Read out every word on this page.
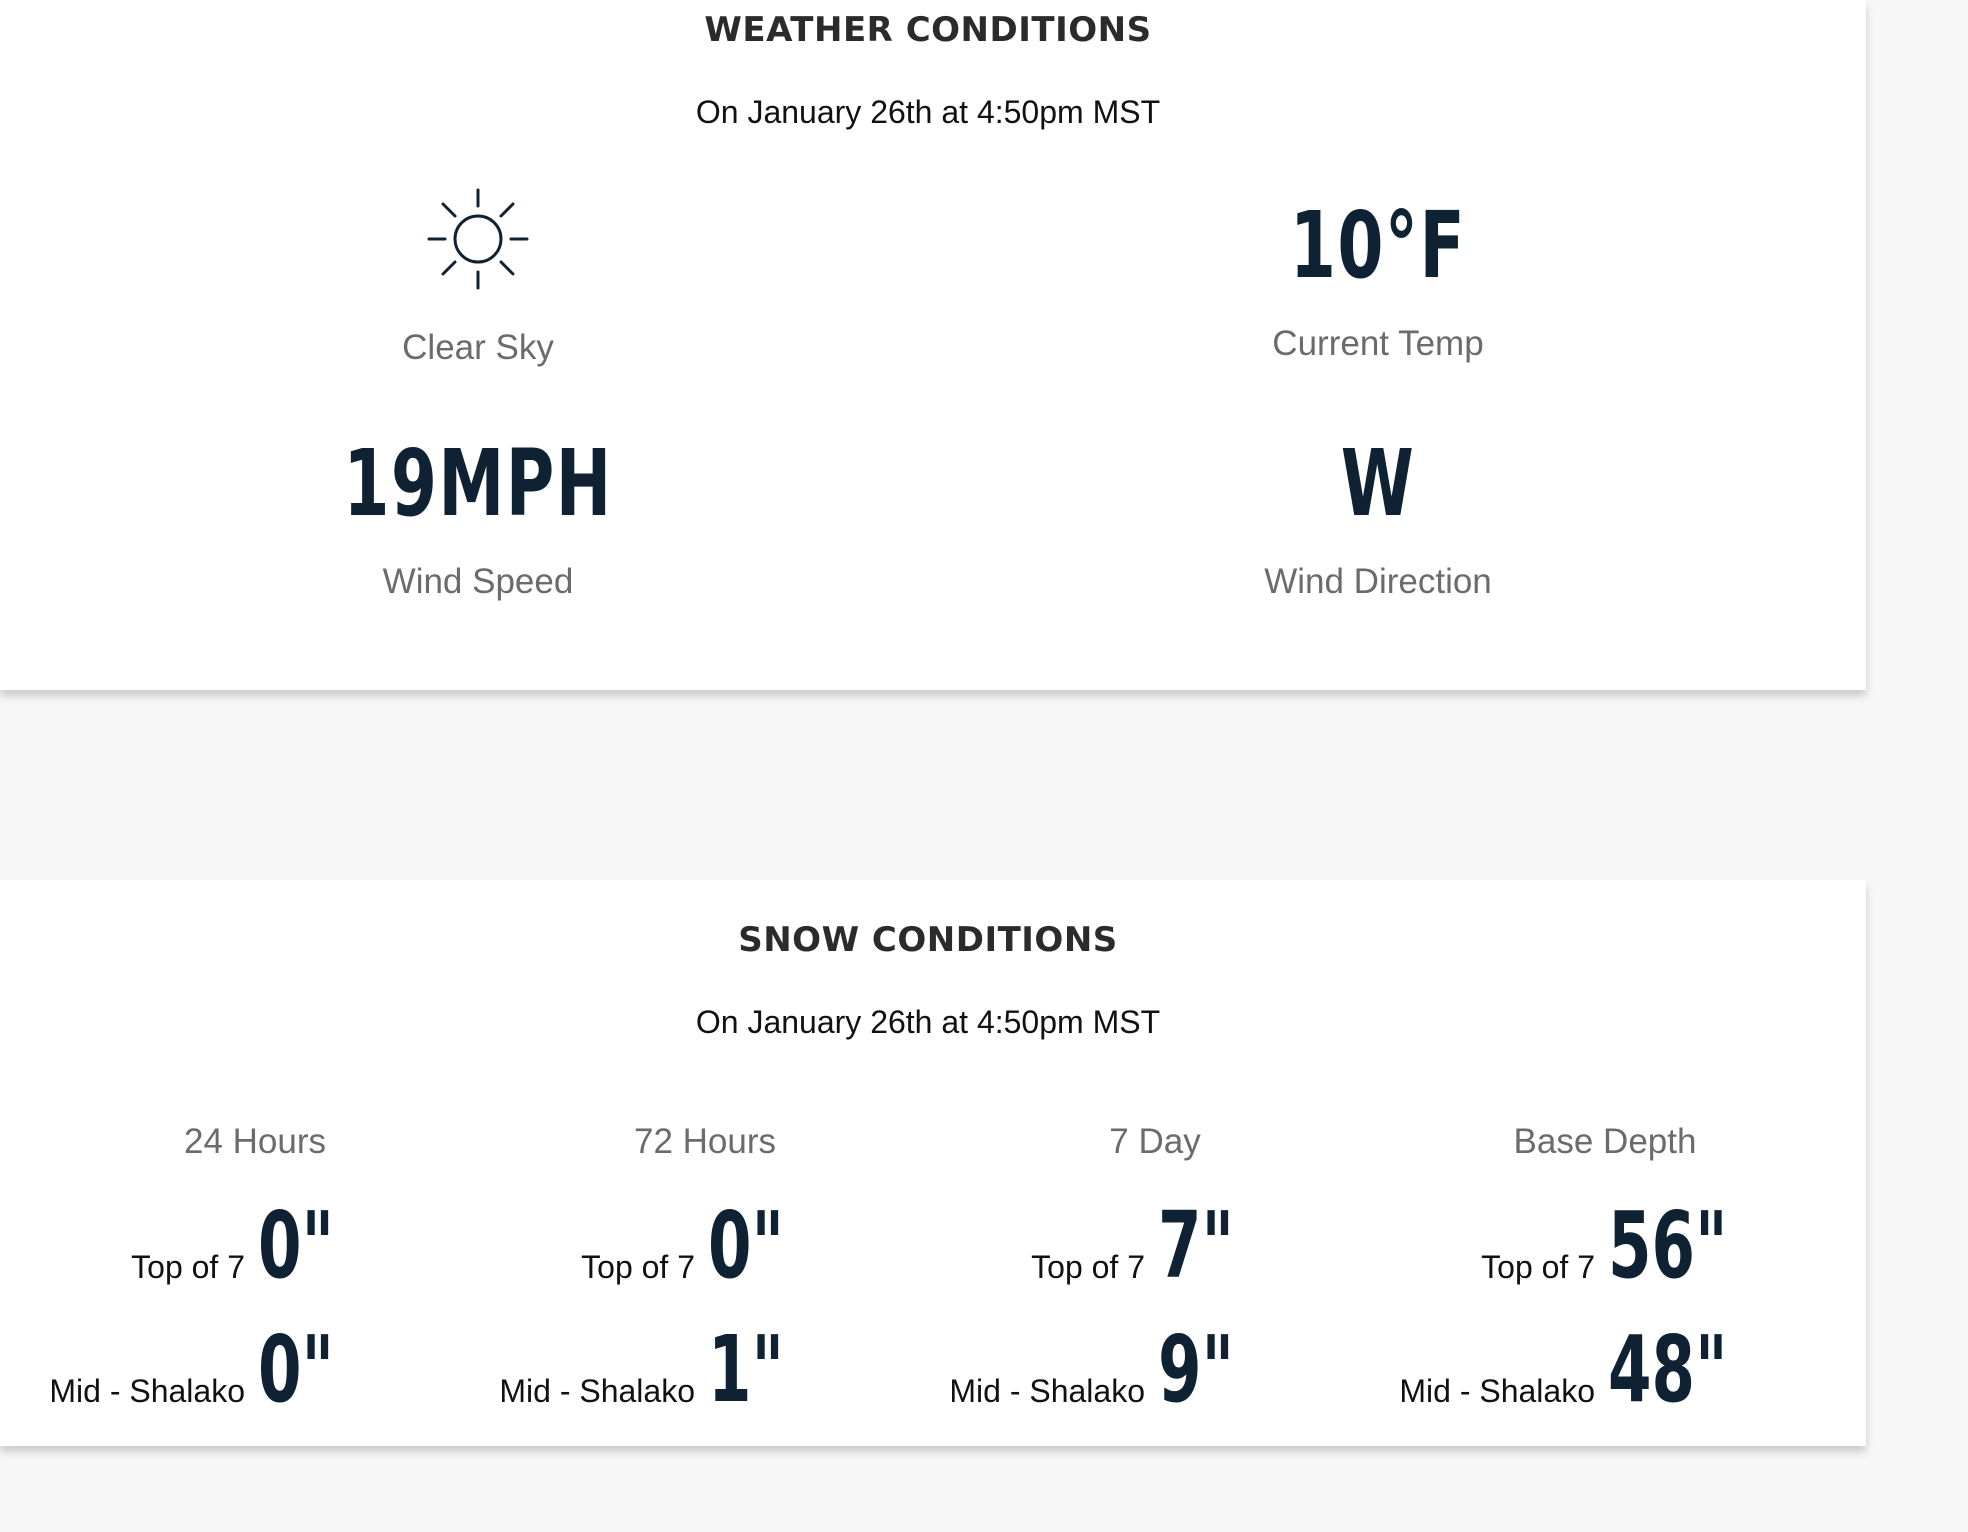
WEATHER CONDITIONS
On January 26th at 4:50pm MST
Clear Sky
10°F
Current Temp
19MPH
Wind Speed
W
Wind Direction
SNOW CONDITIONS
On January 26th at 4:50pm MST
24 Hours
Top of 7 0"
Mid - Shalako 0"
72 Hours
Top of 7 0"
Mid - Shalako 1"
7 Day
Top of 7 7"
Mid - Shalako 9"
Base Depth
Top of 7 56"
Mid - Shalako 48"
